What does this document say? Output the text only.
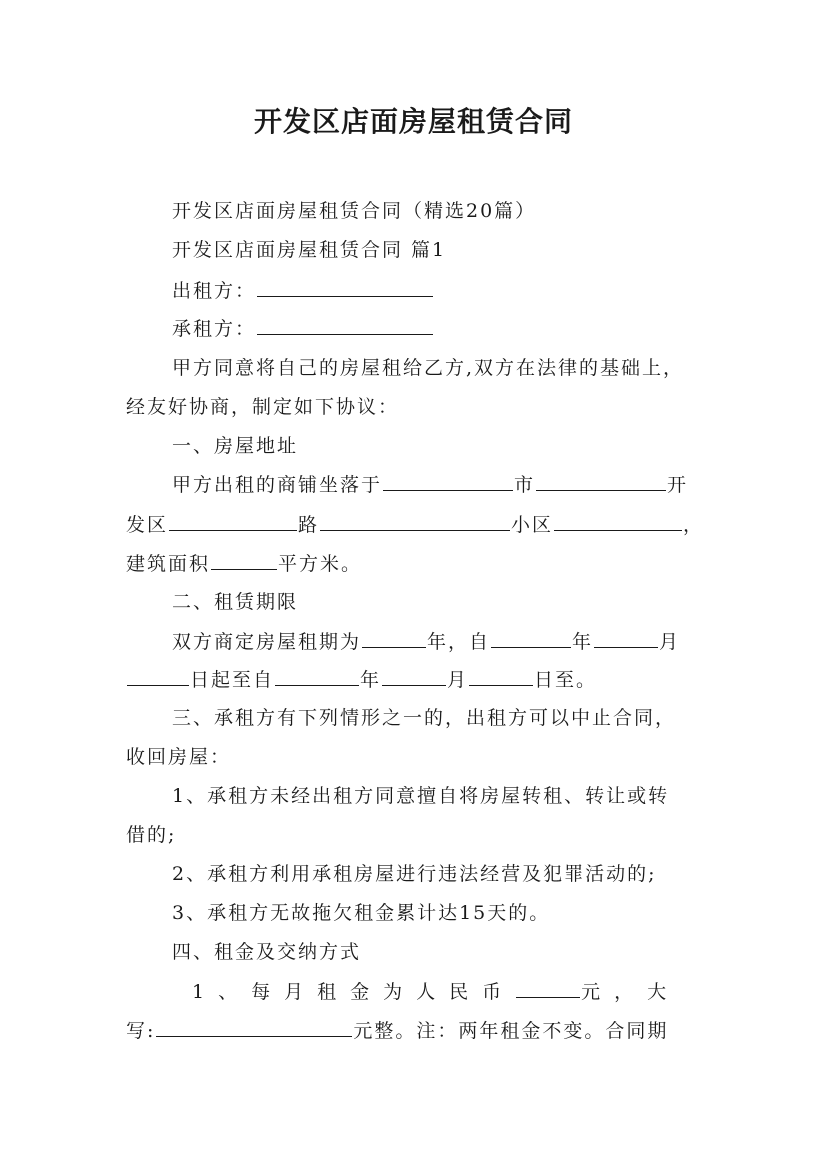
开发区店面房屋租赁合同
开发区店面房屋租赁合同（精选20篇）
开发区店面房屋租赁合同 篇1
出租方：
承租方：
甲方同意将自己的房屋租给乙方,双方在法律的基础上，
经友好协商，制定如下协议：
一、房屋地址
甲方出租的商铺坐落于	市	开
发区	路	小区	，
建筑面积	平方米。
二、租赁期限
双方商定房屋租期为	年，自	年	月
日起至自	年	月	日至。
三、承租方有下列情形之一的，出租方可以中止合同，
收回房屋：
1、承租方未经出租方同意擅自将房屋转租、转让或转
借的;
2、承租方利用承租房屋进行违法经营及犯罪活动的;
3、承租方无故拖欠租金累计达15天的。
四、租金及交纳方式
1、每月租金为人民币	元，大
写:	元整。注：两年租金不变。合同期
